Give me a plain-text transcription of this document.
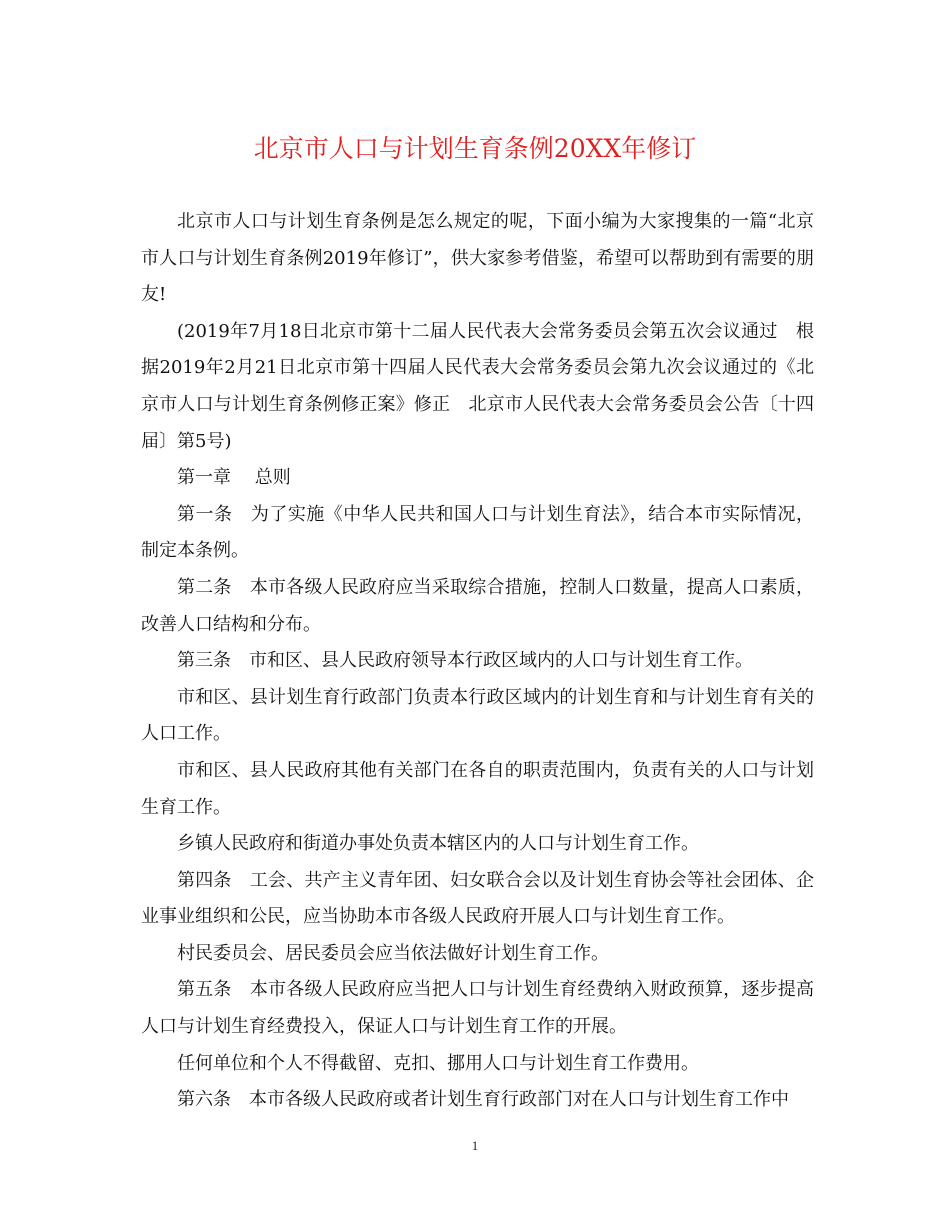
北京市人口与计划生育条例20XX年修订

北京市人口与计划生育条例是怎么规定的呢，下面小编为大家搜集的一篇“北京市人口与计划生育条例2019年修订”，供大家参考借鉴，希望可以帮助到有需要的朋友!

(2019年7月18日北京市第十二届人民代表大会常务委员会第五次会议通过　根据2019年2月21日北京市第十四届人民代表大会常务委员会第九次会议通过的《北京市人口与计划生育条例修正案》修正　北京市人民代表大会常务委员会公告〔十四届〕第5号)

第一章　 总则

第一条　为了实施《中华人民共和国人口与计划生育法》，结合本市实际情况，制定本条例。

第二条　本市各级人民政府应当采取综合措施，控制人口数量，提高人口素质，改善人口结构和分布。

第三条　市和区、县人民政府领导本行政区域内的人口与计划生育工作。

市和区、县计划生育行政部门负责本行政区域内的计划生育和与计划生育有关的人口工作。

市和区、县人民政府其他有关部门在各自的职责范围内，负责有关的人口与计划生育工作。

乡镇人民政府和街道办事处负责本辖区内的人口与计划生育工作。

第四条　工会、共产主义青年团、妇女联合会以及计划生育协会等社会团体、企业事业组织和公民，应当协助本市各级人民政府开展人口与计划生育工作。

村民委员会、居民委员会应当依法做好计划生育工作。

第五条　本市各级人民政府应当把人口与计划生育经费纳入财政预算，逐步提高人口与计划生育经费投入，保证人口与计划生育工作的开展。

任何单位和个人不得截留、克扣、挪用人口与计划生育工作费用。

第六条　本市各级人民政府或者计划生育行政部门对在人口与计划生育工作中

1
